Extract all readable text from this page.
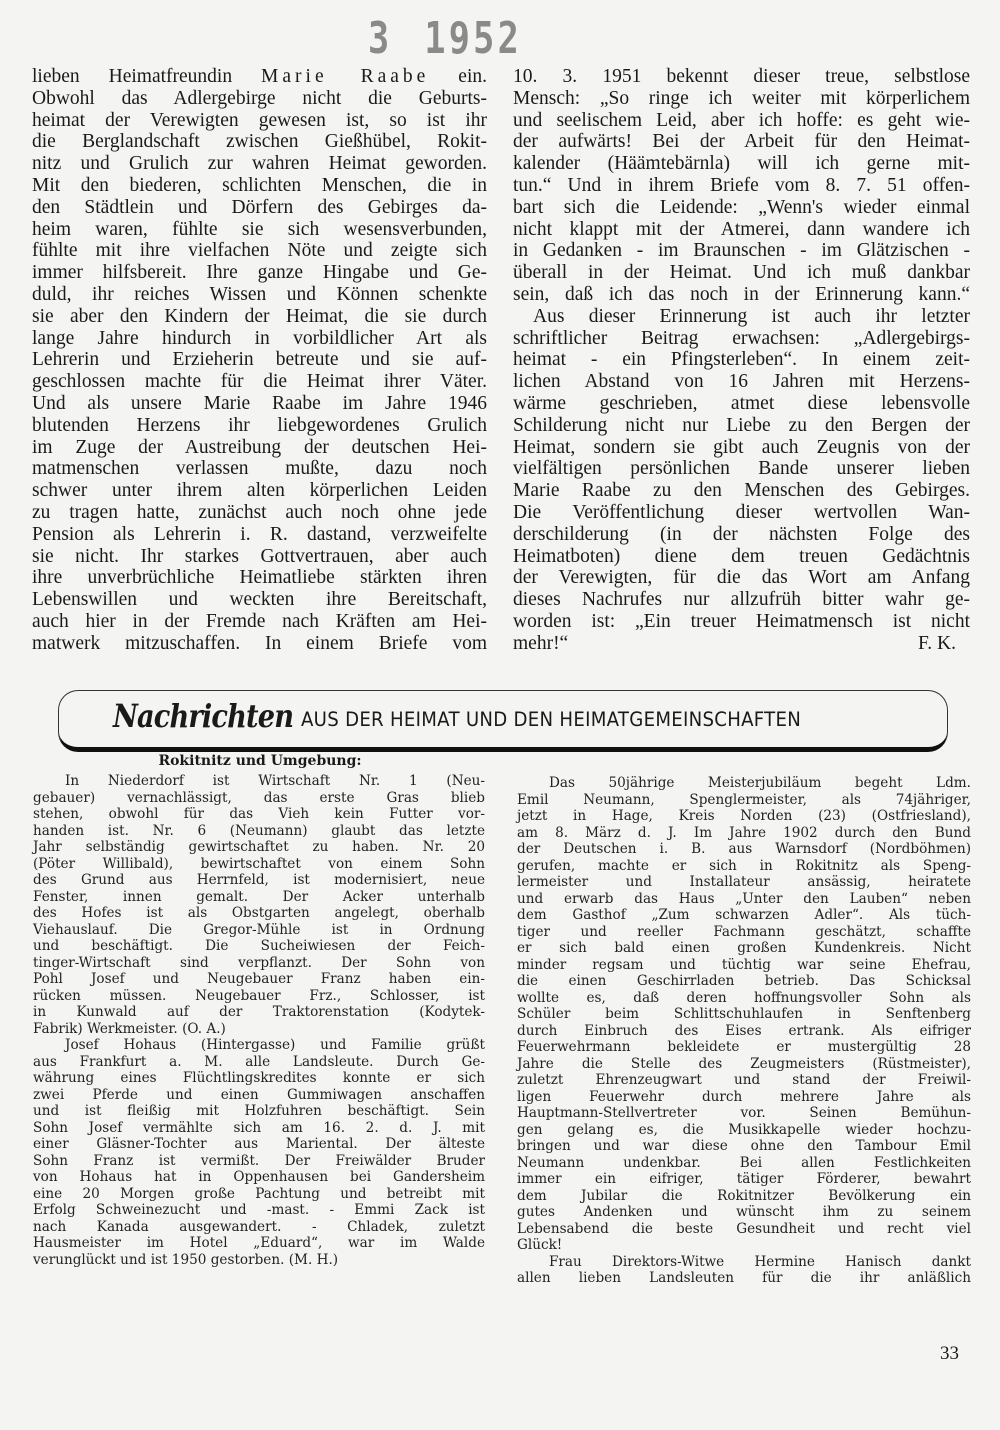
3 1952
lieben Heimatfreundin Marie Raabe ein.
Obwohl das Adlergebirge nicht die Geburts-
heimat der Verewigten gewesen ist, so ist ihr
die Berglandschaft zwischen Gießhübel, Rokit-
nitz und Grulich zur wahren Heimat geworden.
Mit den biederen, schlichten Menschen, die in
den Städtlein und Dörfern des Gebirges da-
heim waren, fühlte sie sich wesensverbunden,
fühlte mit ihre vielfachen Nöte und zeigte sich
immer hilfsbereit. Ihre ganze Hingabe und Ge-
duld, ihr reiches Wissen und Können schenkte
sie aber den Kindern der Heimat, die sie durch
lange Jahre hindurch in vorbildlicher Art als
Lehrerin und Erzieherin betreute und sie auf-
geschlossen machte für die Heimat ihrer Väter.
Und als unsere Marie Raabe im Jahre 1946
blutenden Herzens ihr liebgewordenes Grulich
im Zuge der Austreibung der deutschen Hei-
matmenschen verlassen mußte, dazu noch
schwer unter ihrem alten körperlichen Leiden
zu tragen hatte, zunächst auch noch ohne jede
Pension als Lehrerin i. R. dastand, verzweifelte
sie nicht. Ihr starkes Gottvertrauen, aber auch
ihre unverbrüchliche Heimatliebe stärkten ihren
Lebenswillen und weckten ihre Bereitschaft,
auch hier in der Fremde nach Kräften am Hei-
matwerk mitzuschaffen. In einem Briefe vom
10. 3. 1951 bekennt dieser treue, selbstlose
Mensch: „So ringe ich weiter mit körperlichem
und seelischem Leid, aber ich hoffe: es geht wie-
der aufwärts! Bei der Arbeit für den Heimat-
kalender (Häämtebärnla) will ich gerne mit-
tun.“ Und in ihrem Briefe vom 8. 7. 51 offen-
bart sich die Leidende: „Wenn's wieder einmal
nicht klappt mit der Atmerei, dann wandere ich
in Gedanken - im Braunschen - im Glätzischen -
überall in der Heimat. Und ich muß dankbar
sein, daß ich das noch in der Erinnerung kann.“
Aus dieser Erinnerung ist auch ihr letzter
schriftlicher Beitrag erwachsen: „Adlergebirgs-
heimat - ein Pfingsterleben“. In einem zeit-
lichen Abstand von 16 Jahren mit Herzens-
wärme geschrieben, atmet diese lebensvolle
Schilderung nicht nur Liebe zu den Bergen der
Heimat, sondern sie gibt auch Zeugnis von der
vielfältigen persönlichen Bande unserer lieben
Marie Raabe zu den Menschen des Gebirges.
Die Veröffentlichung dieser wertvollen Wan-
derschilderung (in der nächsten Folge des
Heimatboten) diene dem treuen Gedächtnis
der Verewigten, für die das Wort am Anfang
dieses Nachrufes nur allzufrüh bitter wahr ge-
worden ist: „Ein treuer Heimatmensch ist nicht
mehr!“	F. K.
Nachrichten AUS DER HEIMAT UND DEN HEIMATGEMEINSCHAFTEN
Rokitnitz und Umgebung:
In Niederdorf ist Wirtschaft Nr. 1 (Neu-
gebauer) vernachlässigt, das erste Gras blieb
stehen, obwohl für das Vieh kein Futter vor-
handen ist. Nr. 6 (Neumann) glaubt das letzte
Jahr selbständig gewirtschaftet zu haben. Nr. 20
(Pöter Willibald), bewirtschaftet von einem Sohn
des Grund aus Herrnfeld, ist modernisiert, neue
Fenster, innen gemalt. Der Acker unterhalb
des Hofes ist als Obstgarten angelegt, oberhalb
Viehauslauf. Die Gregor-Mühle ist in Ordnung
und beschäftigt. Die Sucheiwiesen der Feich-
tinger-Wirtschaft sind verpflanzt. Der Sohn von
Pohl Josef und Neugebauer Franz haben ein-
rücken müssen. Neugebauer Frz., Schlosser, ist
in Kunwald auf der Traktorenstation (Kodytek-
Fabrik) Werkmeister. (O. A.)
Josef Hohaus (Hintergasse) und Familie grüßt
aus Frankfurt a. M. alle Landsleute. Durch Ge-
währung eines Flüchtlingskredites konnte er sich
zwei Pferde und einen Gummiwagen anschaffen
und ist fleißig mit Holzfuhren beschäftigt. Sein
Sohn Josef vermählte sich am 16. 2. d. J. mit
einer Gläsner-Tochter aus Mariental. Der älteste
Sohn Franz ist vermißt. Der Freiwälder Bruder
von Hohaus hat in Oppenhausen bei Gandersheim
eine 20 Morgen große Pachtung und betreibt mit
Erfolg Schweinezucht und -mast. - Emmi Zack ist
nach Kanada ausgewandert. - Chladek, zuletzt
Hausmeister im Hotel „Eduard“, war im Walde
verunglückt und ist 1950 gestorben. (M. H.)
Das 50jährige Meisterjubiläum begeht Ldm.
Emil Neumann, Spenglermeister, als 74jähriger,
jetzt in Hage, Kreis Norden (23) (Ostfriesland),
am 8. März d. J. Im Jahre 1902 durch den Bund
der Deutschen i. B. aus Warnsdorf (Nordböhmen)
gerufen, machte er sich in Rokitnitz als Speng-
lermeister und Installateur ansässig, heiratete
und erwarb das Haus „Unter den Lauben“ neben
dem Gasthof „Zum schwarzen Adler“. Als tüch-
tiger und reeller Fachmann geschätzt, schaffte
er sich bald einen großen Kundenkreis. Nicht
minder regsam und tüchtig war seine Ehefrau,
die einen Geschirrladen betrieb. Das Schicksal
wollte es, daß deren hoffnungsvoller Sohn als
Schüler beim Schlittschuhlaufen in Senftenberg
durch Einbruch des Eises ertrank. Als eifriger
Feuerwehrmann bekleidete er mustergültig 28
Jahre die Stelle des Zeugmeisters (Rüstmeister),
zuletzt Ehrenzeugwart und stand der Freiwil-
ligen Feuerwehr durch mehrere Jahre als
Hauptmann-Stellvertreter vor. Seinen Bemühun-
gen gelang es, die Musikkapelle wieder hochzu-
bringen und war diese ohne den Tambour Emil
Neumann undenkbar. Bei allen Festlichkeiten
immer ein eifriger, tätiger Förderer, bewahrt
dem Jubilar die Rokitnitzer Bevölkerung ein
gutes Andenken und wünscht ihm zu seinem
Lebensabend die beste Gesundheit und recht viel
Glück!
Frau Direktors-Witwe Hermine Hanisch dankt
allen lieben Landsleuten für die ihr anläßlich
33
